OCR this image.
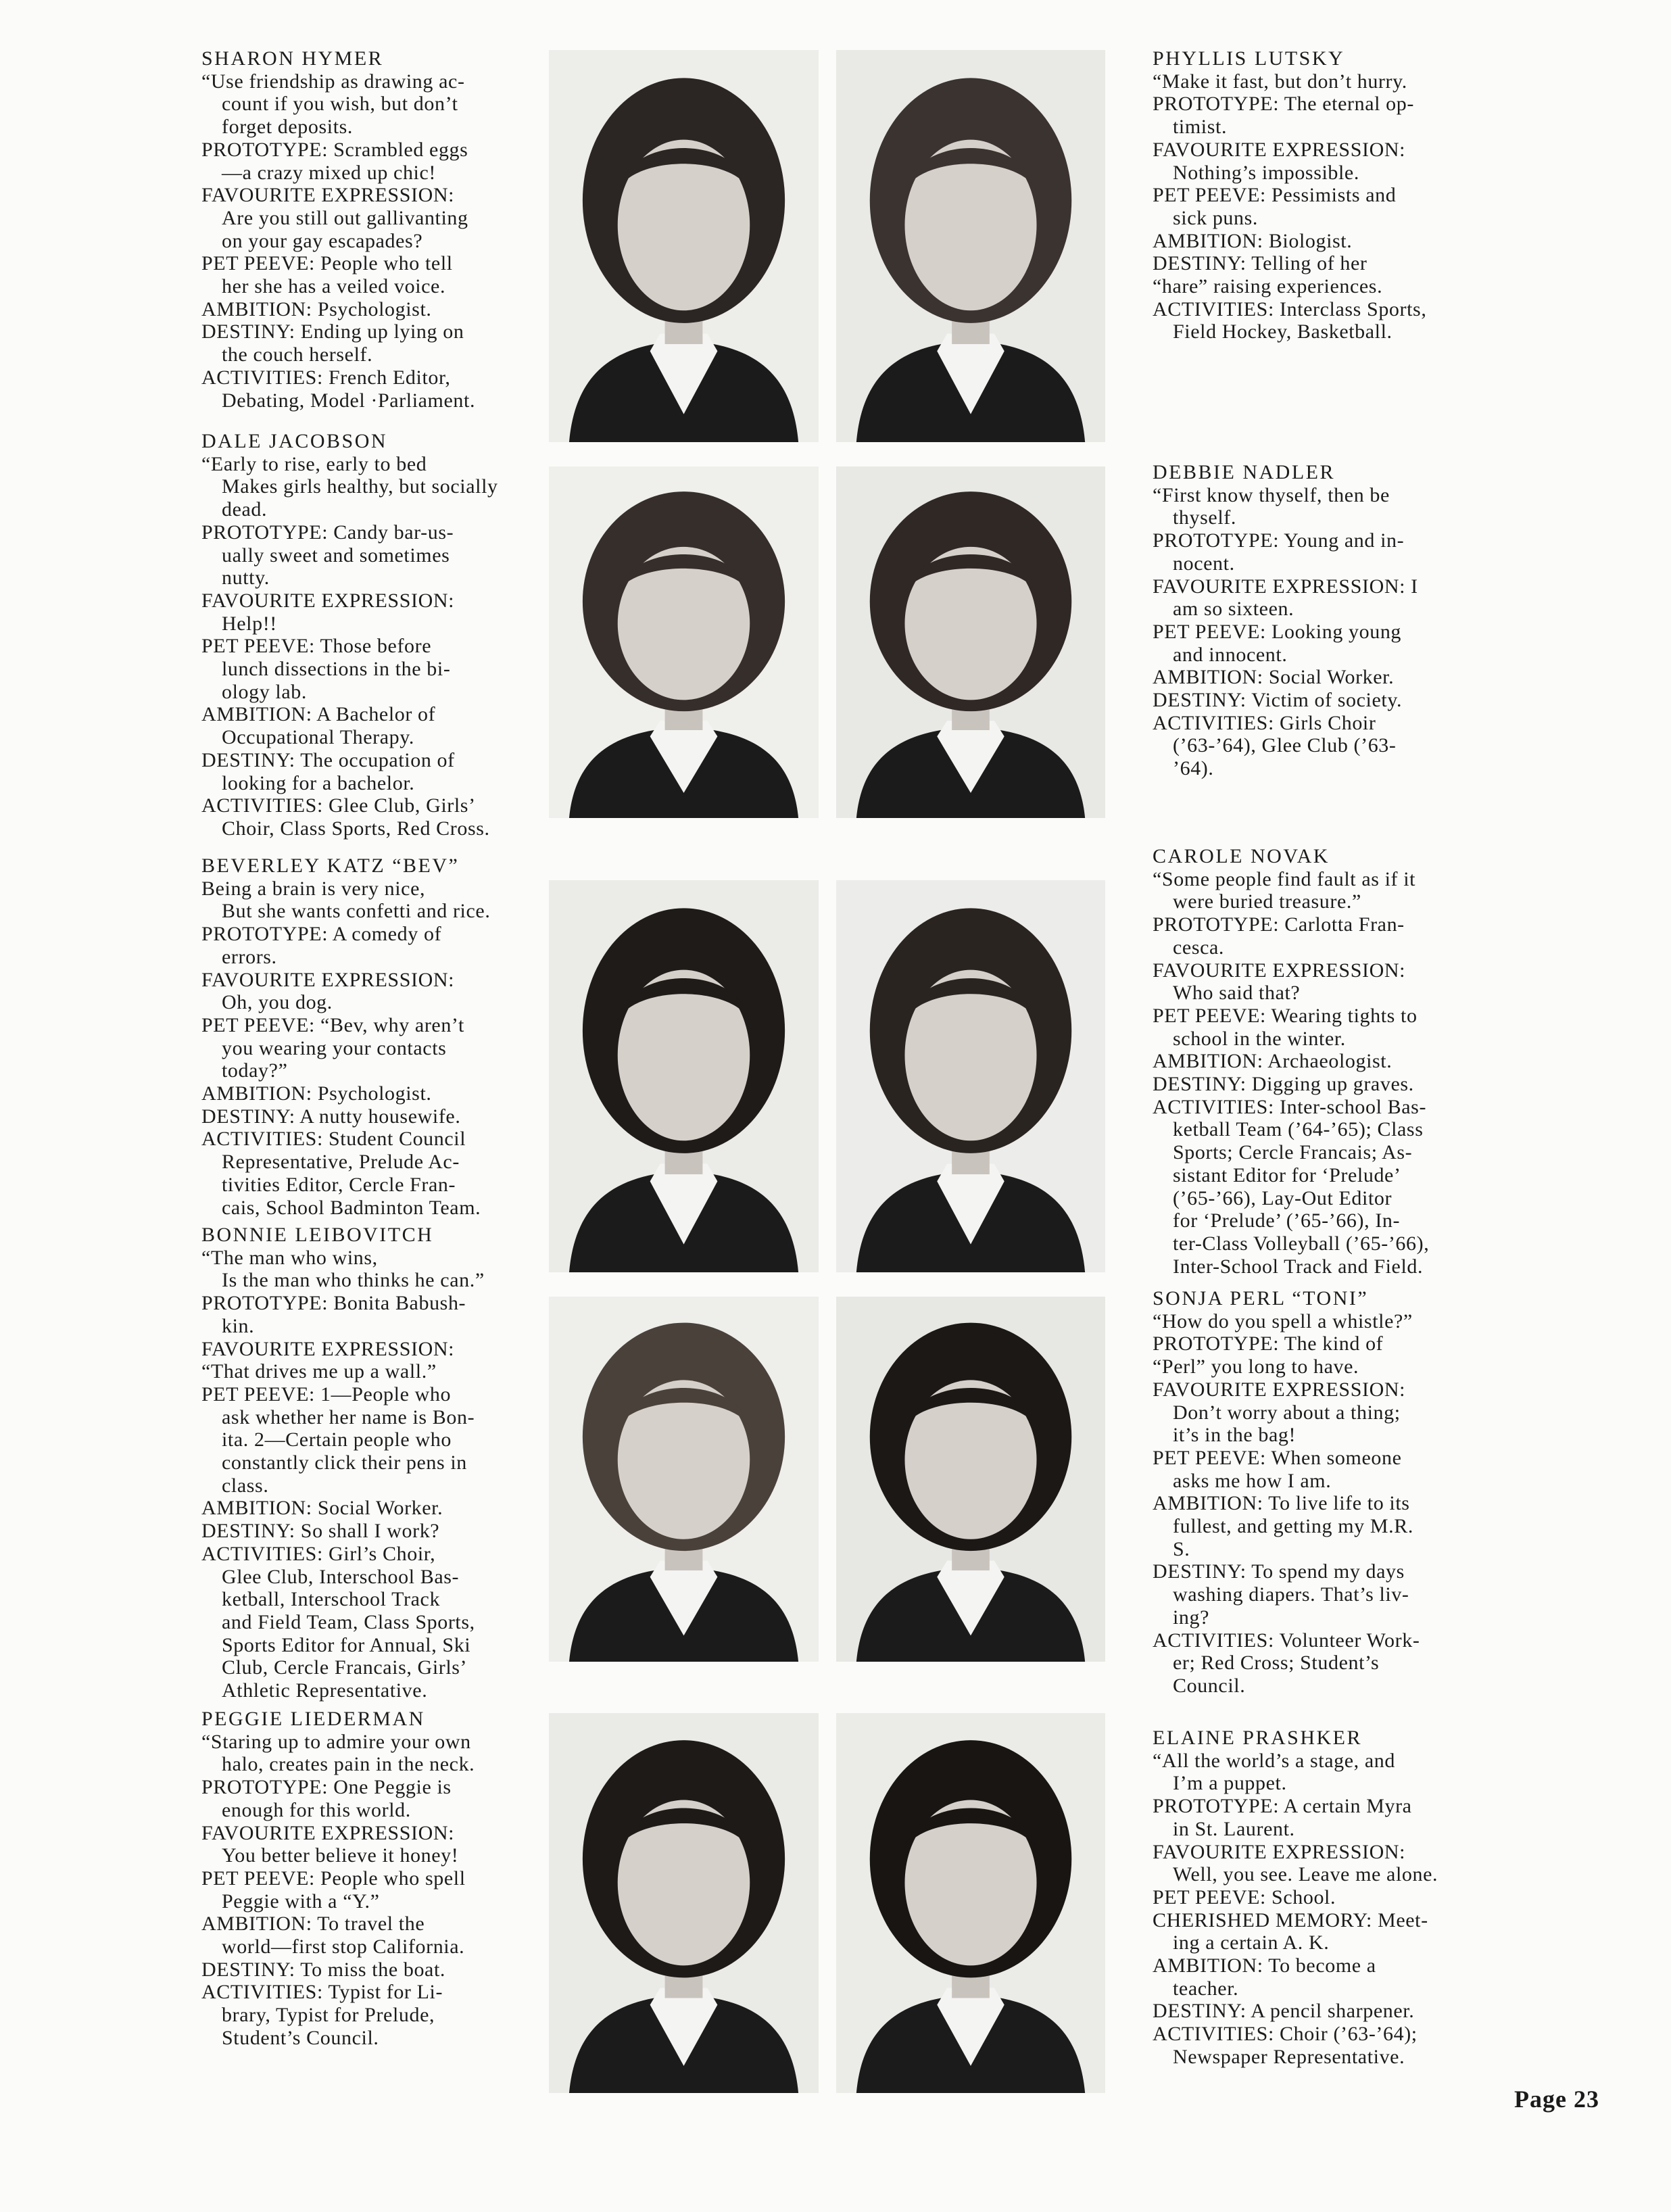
SHARON HYMER
“Use friendship as drawing ac-
count if you wish, but don’t
forget deposits.
PROTOTYPE: Scrambled eggs
—a crazy mixed up chic!
FAVOURITE EXPRESSION:
Are you still out gallivanting
on your gay escapades?
PET PEEVE: People who tell
her she has a veiled voice.
AMBITION: Psychologist.
DESTINY: Ending up lying on
the couch herself.
ACTIVITIES: French Editor,
Debating, Model ·Parliament.
DALE JACOBSON
“Early to rise, early to bed
Makes girls healthy, but socially
dead.
PROTOTYPE: Candy bar-us-
ually sweet and sometimes
nutty.
FAVOURITE EXPRESSION:
Help!!
PET PEEVE: Those before
lunch dissections in the bi-
ology lab.
AMBITION: A Bachelor of
Occupational Therapy.
DESTINY: The occupation of
looking for a bachelor.
ACTIVITIES: Glee Club, Girls’
Choir, Class Sports, Red Cross.
BEVERLEY KATZ “BEV”
Being a brain is very nice,
But she wants confetti and rice.
PROTOTYPE: A comedy of
errors.
FAVOURITE EXPRESSION:
Oh, you dog.
PET PEEVE: “Bev, why aren’t
you wearing your contacts
today?”
AMBITION: Psychologist.
DESTINY: A nutty housewife.
ACTIVITIES: Student Council
Representative, Prelude Ac-
tivities Editor, Cercle Fran-
cais, School Badminton Team.
BONNIE LEIBOVITCH
“The man who wins,
Is the man who thinks he can.”
PROTOTYPE: Bonita Babush-
kin.
FAVOURITE EXPRESSION:
“That drives me up a wall.”
PET PEEVE: 1—People who
ask whether her name is Bon-
ita. 2—Certain people who
constantly click their pens in
class.
AMBITION: Social Worker.
DESTINY: So shall I work?
ACTIVITIES: Girl’s Choir,
Glee Club, Interschool Bas-
ketball, Interschool Track
and Field Team, Class Sports,
Sports Editor for Annual, Ski
Club, Cercle Francais, Girls’
Athletic Representative.
PEGGIE LIEDERMAN
“Staring up to admire your own
halo, creates pain in the neck.
PROTOTYPE: One Peggie is
enough for this world.
FAVOURITE EXPRESSION:
You better believe it honey!
PET PEEVE: People who spell
Peggie with a “Y.”
AMBITION: To travel the
world—first stop California.
DESTINY: To miss the boat.
ACTIVITIES: Typist for Li-
brary, Typist for Prelude,
Student’s Council.
PHYLLIS LUTSKY
“Make it fast, but don’t hurry.
PROTOTYPE: The eternal op-
timist.
FAVOURITE EXPRESSION:
Nothing’s impossible.
PET PEEVE: Pessimists and
sick puns.
AMBITION: Biologist.
DESTINY: Telling of her
“hare” raising experiences.
ACTIVITIES: Interclass Sports,
Field Hockey, Basketball.
DEBBIE NADLER
“First know thyself, then be
thyself.
PROTOTYPE: Young and in-
nocent.
FAVOURITE EXPRESSION: I
am so sixteen.
PET PEEVE: Looking young
and innocent.
AMBITION: Social Worker.
DESTINY: Victim of society.
ACTIVITIES: Girls Choir
(’63-’64), Glee Club (’63-
’64).
CAROLE NOVAK
“Some people find fault as if it
were buried treasure.”
PROTOTYPE: Carlotta Fran-
cesca.
FAVOURITE EXPRESSION:
Who said that?
PET PEEVE: Wearing tights to
school in the winter.
AMBITION: Archaeologist.
DESTINY: Digging up graves.
ACTIVITIES: Inter-school Bas-
ketball Team (’64-’65); Class
Sports; Cercle Francais; As-
sistant Editor for ‘Prelude’
(’65-’66), Lay-Out Editor
for ‘Prelude’ (’65-’66), In-
ter-Class Volleyball (’65-’66),
Inter-School Track and Field.
SONJA PERL “TONI”
“How do you spell a whistle?”
PROTOTYPE: The kind of
“Perl” you long to have.
FAVOURITE EXPRESSION:
Don’t worry about a thing;
it’s in the bag!
PET PEEVE: When someone
asks me how I am.
AMBITION: To live life to its
fullest, and getting my M.R.
S.
DESTINY: To spend my days
washing diapers. That’s liv-
ing?
ACTIVITIES: Volunteer Work-
er; Red Cross; Student’s
Council.
ELAINE PRASHKER
“All the world’s a stage, and
I’m a puppet.
PROTOTYPE: A certain Myra
in St. Laurent.
FAVOURITE EXPRESSION:
Well, you see. Leave me alone.
PET PEEVE: School.
CHERISHED MEMORY: Meet-
ing a certain A. K.
AMBITION: To become a
teacher.
DESTINY: A pencil sharpener.
ACTIVITIES: Choir (’63-’64);
Newspaper Representative.
Page 23
